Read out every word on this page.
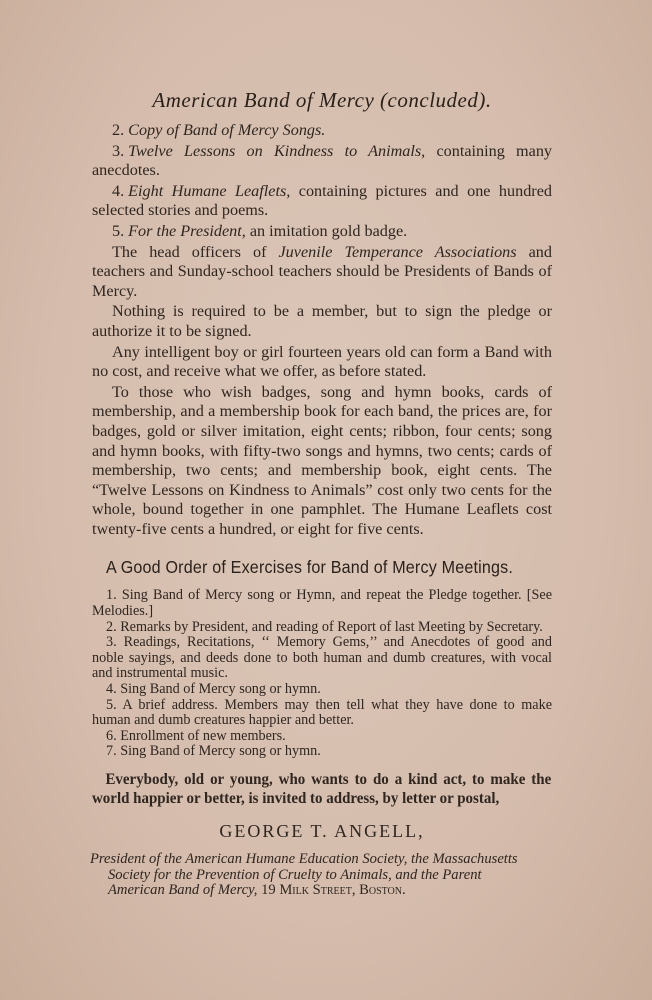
American Band of Mercy (concluded).

2. Copy of Band of Mercy Songs.

3. Twelve Lessons on Kindness to Animals, containing many anecdotes.

4. Eight Humane Leaflets, containing pictures and one hundred selected stories and poems.

5. For the President, an imitation gold badge.

The head officers of Juvenile Temperance Associations and teachers and Sunday-school teachers should be Presidents of Bands of Mercy.

Nothing is required to be a member, but to sign the pledge or authorize it to be signed.

Any intelligent boy or girl fourteen years old can form a Band with no cost, and receive what we offer, as before stated.

To those who wish badges, song and hymn books, cards of membership, and a membership book for each band, the prices are, for badges, gold or silver imitation, eight cents; ribbon, four cents; song and hymn books, with fifty-two songs and hymns, two cents; cards of membership, two cents; and membership book, eight cents. The “Twelve Lessons on Kindness to Animals” cost only two cents for the whole, bound together in one pamphlet. The Humane Leaflets cost twenty-five cents a hundred, or eight for five cents.

A Good Order of Exercises for Band of Mercy Meetings.

1. Sing Band of Mercy song or Hymn, and repeat the Pledge together. [See Melodies.]

2. Remarks by President, and reading of Report of last Meeting by Secretary.

3. Readings, Recitations, ‘‘ Memory Gems,’’ and Anecdotes of good and noble sayings, and deeds done to both human and dumb creatures, with vocal and instrumental music.

4. Sing Band of Mercy song or hymn.

5. A brief address. Members may then tell what they have done to make human and dumb creatures happier and better.

6. Enrollment of new members.

7. Sing Band of Mercy song or hymn.

Everybody, old or young, who wants to do a kind act, to make the world happier or better, is invited to address, by letter or postal,

GEORGE T. ANGELL,
President of the American Humane Education Society, the Massachusetts
Society for the Prevention of Cruelty to Animals, and the Parent
American Band of Mercy, 19 Milk Street, Boston.
